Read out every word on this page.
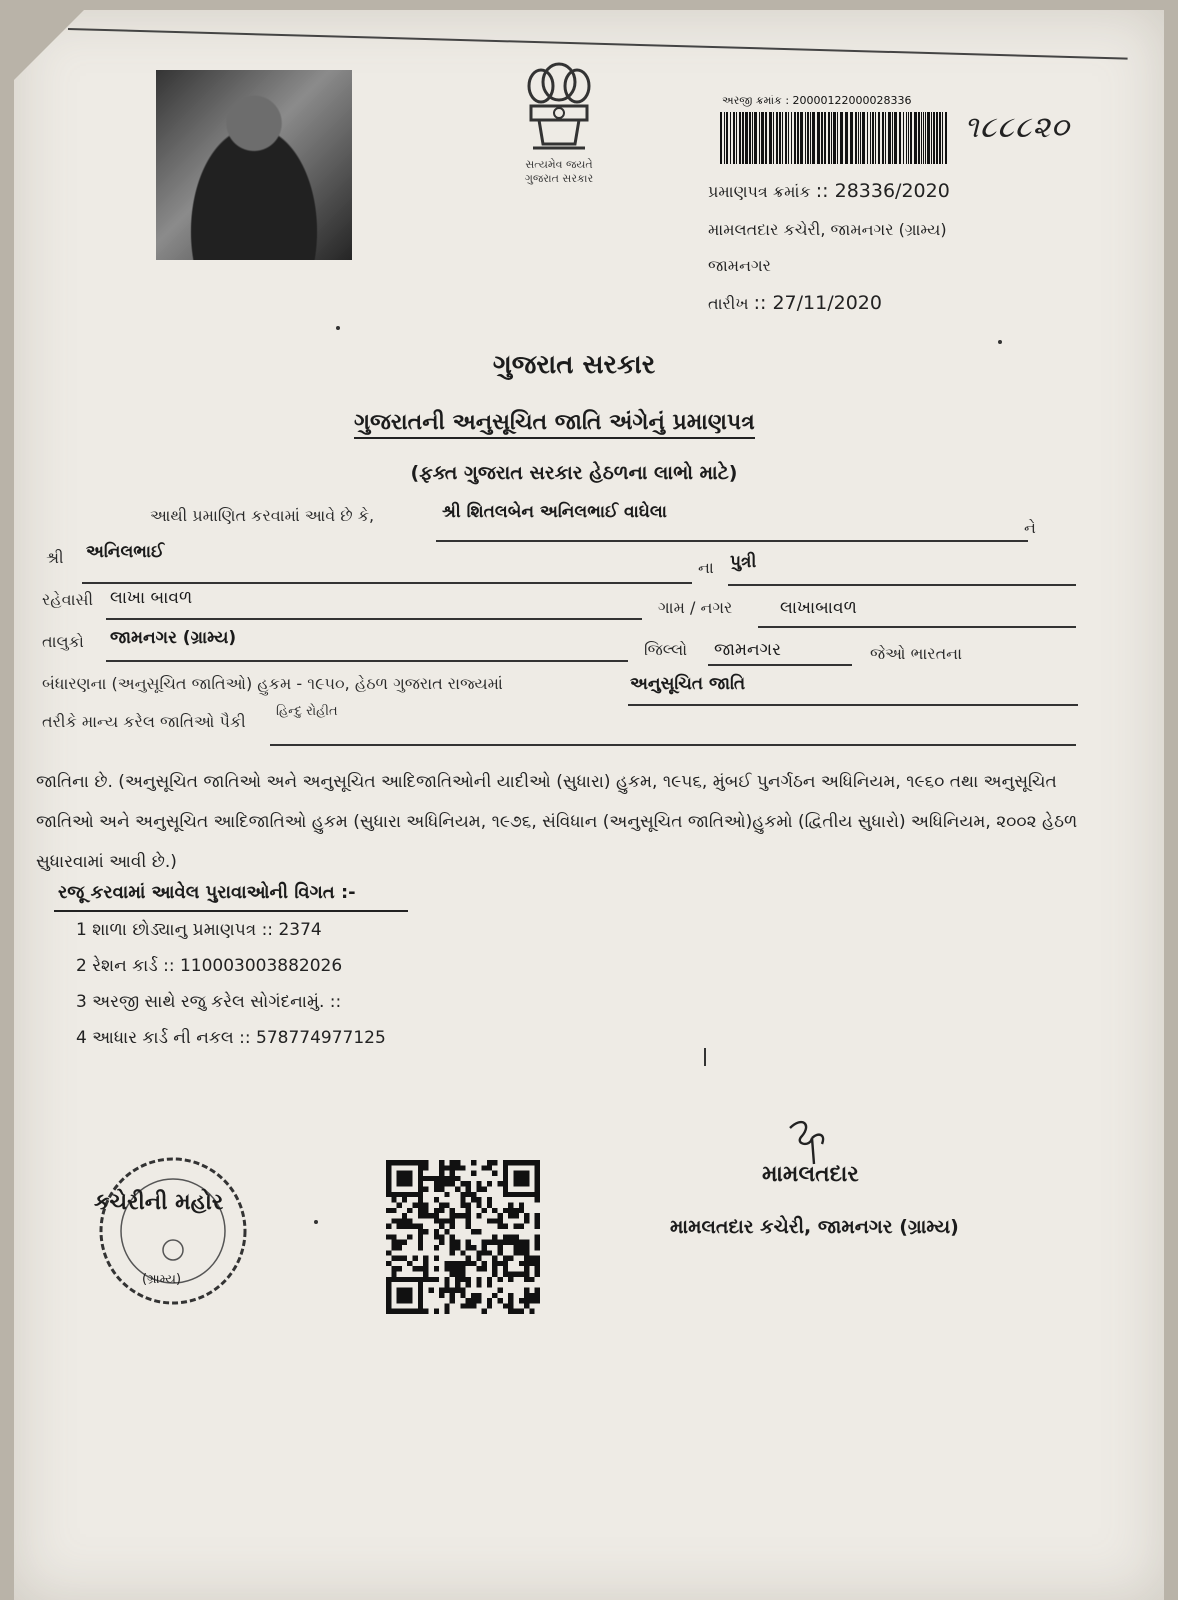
સત્યમેવ જયતે
ગુજરાત સરકાર
અરજી ક્રમાંક : 20000122000028336
૧૮૮૮૨૦
પ્રમાણપત્ર ક્રમાંક :: 28336/2020
મામલતદાર કચેરી, જામનગર (ગ્રામ્ય)
જામનગર
તારીખ :: 27/11/2020
ગુજરાત સરકાર
ગુજરાતની અનુસૂચિત જાતિ અંગેનું પ્રમાણપત્ર
(ફક્ત ગુજરાત સરકાર હેઠળના લાભો માટે)
આથી પ્રમાણિત કરવામાં આવે છે કે,	શ્રી શિતલબેન અનિલભાઈ વાઘેલા
ને
શ્રી અનિલભાઈ
ના પુત્રી
રહેવાસી લાખા બાવળ	ગામ / નગર	લાખાબાવળ
તાલુકો જામનગર (ગ્રામ્ય)
જિલ્લો જામનગર	જેઓ ભારતના
બંધારણના (અનુસૂચિત જાતિઓ) હુકમ - ૧૯૫૦, હેઠળ ગુજરાત રાજ્યમાં	અનુસૂચિત જાતિ
તરીકે માન્ય કરેલ જાતિઓ પૈકી
હિન્દુ રોહીત
જાતિના છે. (અનુસૂચિત જાતિઓ અને અનુસૂચિત આદિજાતિઓની યાદીઓ (સુધારા) હુકમ, ૧૯૫૬, મુંબઈ પુનર્ગઠન અધિનિયમ, ૧૯૬૦ તથા અનુસૂચિત જાતિઓ અને અનુસૂચિત આદિજાતિઓ હુકમ (સુધારા અધિનિયમ, ૧૯૭૬, સંવિધાન (અનુસૂચિત જાતિઓ)હુકમો (દ્વિતીય સુધારો) અધિનિયમ, ૨૦૦૨ હેઠળ સુધારવામાં આવી છે.)
રજૂ કરવામાં આવેલ પુરાવાઓની વિગત :-
1 શાળા છોડ્યાનુ પ્રમાણપત્ર :: 2374
2 રેશન કાર્ડ :: 110003003882026
3 અરજી સાથે રજુ કરેલ સોગંદનામું. ::
4 આધાર કાર્ડ ની નકલ :: 578774977125
કચેરીની મહોર
(ગ્રામ્ય)
મામલતદાર
મામલતદાર કચેરી, જામનગર (ગ્રામ્ય)
